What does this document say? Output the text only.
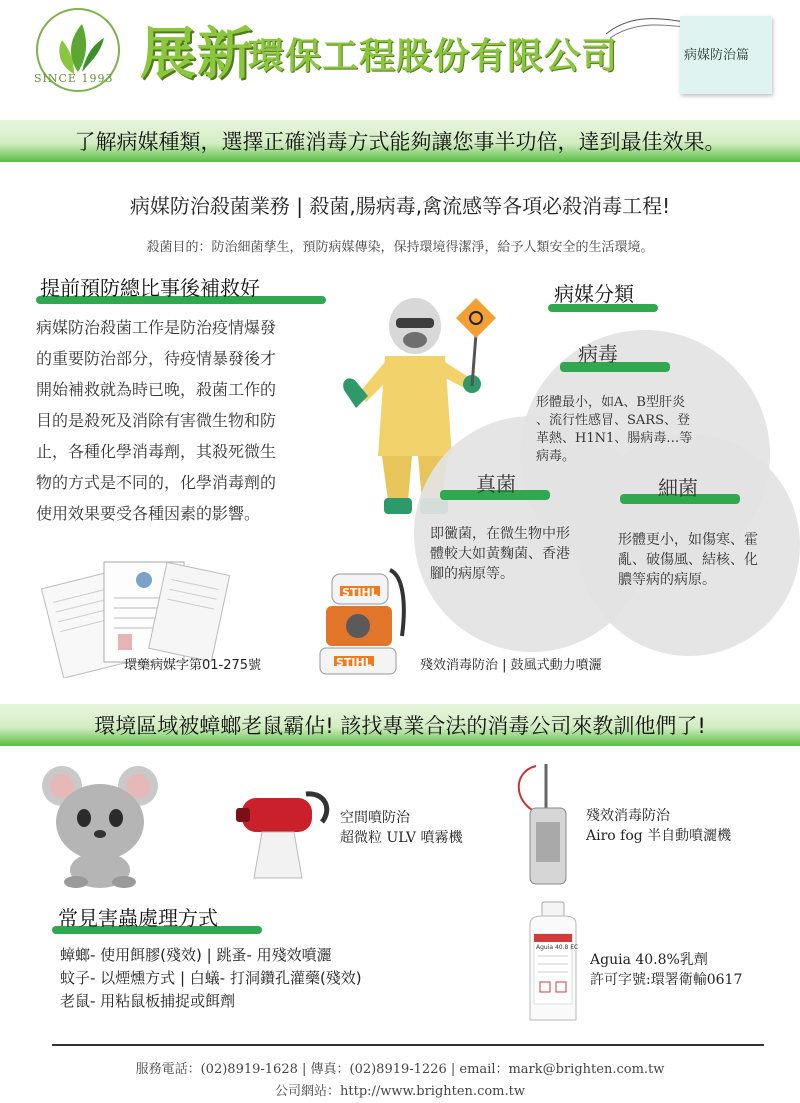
SINCE 1993 展新
環保工程股份有限公司	病媒防治篇
了解病媒種類，選擇正確消毒方式能夠讓您事半功倍，達到最佳效果。
病媒防治殺菌業務 | 殺菌,腸病毒,禽流感等各項必殺消毒工程!
殺菌目的：防治細菌孳生，預防病媒傳染，保持環境得潔淨，給予人類安全的生活環境。
提前預防總比事後補救好
病媒防治殺菌工作是防治疫情爆發
的重要防治部分，待疫情暴發後才
開始補救就為時已晚，殺菌工作的
目的是殺死及消除有害微生物和防
止，各種化學消毒劑，其殺死微生
物的方式是不同的，化學消毒劑的
使用效果要受各種因素的影響。
病媒分類
病毒
形體最小，如A、B型肝炎
、流行性感冒、SARS、登
革熱、H1N1、腸病毒…等
病毒。
真菌
即黴菌，在微生物中形
體較大如黃麴菌、香港
腳的病原等。
細菌
形體更小，如傷寒、霍
亂、破傷風、結核、化
膿等病的病原。
環藥病媒字第01-275號
STIHL
STIHL	殘效消毒防治 | 鼓風式動力噴灑
環境區域被蟑螂老鼠霸佔! 該找專業合法的消毒公司來教訓他們了!
空間噴防治
超微粒 ULV 噴霧機
殘效消毒防治
Airo fog 半自動噴灑機
常見害蟲處理方式
蟑螂- 使用餌膠(殘效) | 跳蚤- 用殘效噴灑
蚊子- 以煙燻方式 | 白蟻- 打洞鑽孔灌藥(殘效)
老鼠- 用粘鼠板捕捉或餌劑
Aguia 40.8 EC
Aguia 40.8%乳劑
許可字號:環署衛輸0617
服務電話：(02)8919-1628 | 傳真：(02)8919-1226 | email：mark@brighten.com.tw
公司網站：http://www.brighten.com.tw
